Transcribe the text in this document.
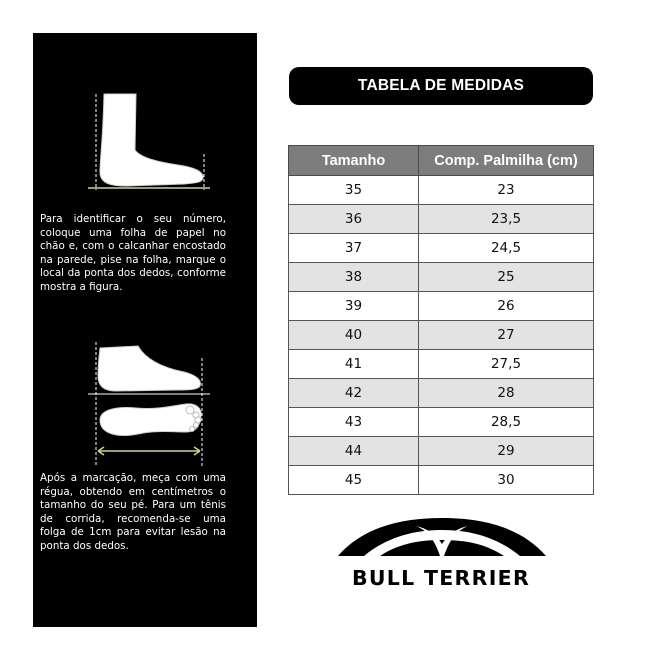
Para identificar o seu número, coloque uma folha de papel no chão e, com o calcanhar encostado na parede, pise na folha, marque o local da ponta dos dedos, conforme mostra a figura.

Após a marcação, meça com uma régua, obtendo em centímetros o tamanho do seu pé. Para um tênis de corrida, recomenda-se uma folga de 1cm para evitar lesão na ponta dos dedos.

TABELA DE MEDIDAS
Tamanho	Comp. Palmilha (cm)
35	23
36	23,5
37	24,5
38	25
39	26
40	27
41	27,5
42	28
43	28,5
44	29
45	30
BULL TERRIER
